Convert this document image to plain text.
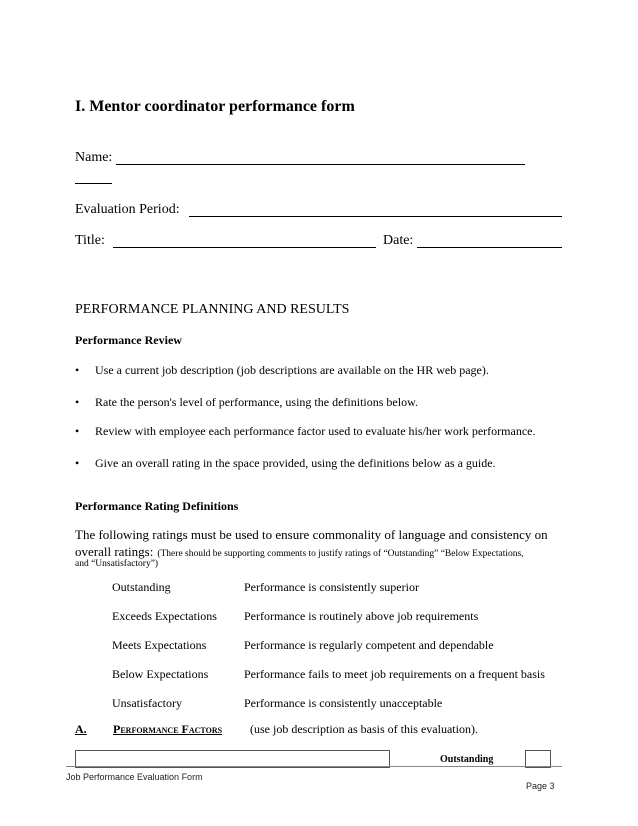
I. Mentor coordinator performance form
Name:
Evaluation Period:
Title:	Date:
PERFORMANCE PLANNING AND RESULTS
Performance Review
• Use a current job description (job descriptions are available on the HR web page).
• Rate the person's level of performance, using the definitions below.
• Review with employee each performance factor used to evaluate his/her work performance.
• Give an overall rating in the space provided, using the definitions below as a guide.
Performance Rating Definitions
The following ratings must be used to ensure commonality of language and consistency on
overall ratings: (There should be supporting comments to justify ratings of “Outstanding” “Below Expectations,
and “Unsatisfactory”)
Outstanding	Performance is consistently superior
Exceeds Expectations Performance is routinely above job requirements
Meets Expectations	Performance is regularly competent and dependable
Below Expectations	Performance fails to meet job requirements on a frequent basis
Unsatisfactory	Performance is consistently unacceptable
A. Performance Factors (use job description as basis of this evaluation).
Outstanding
Job Performance Evaluation Form
Page 3
